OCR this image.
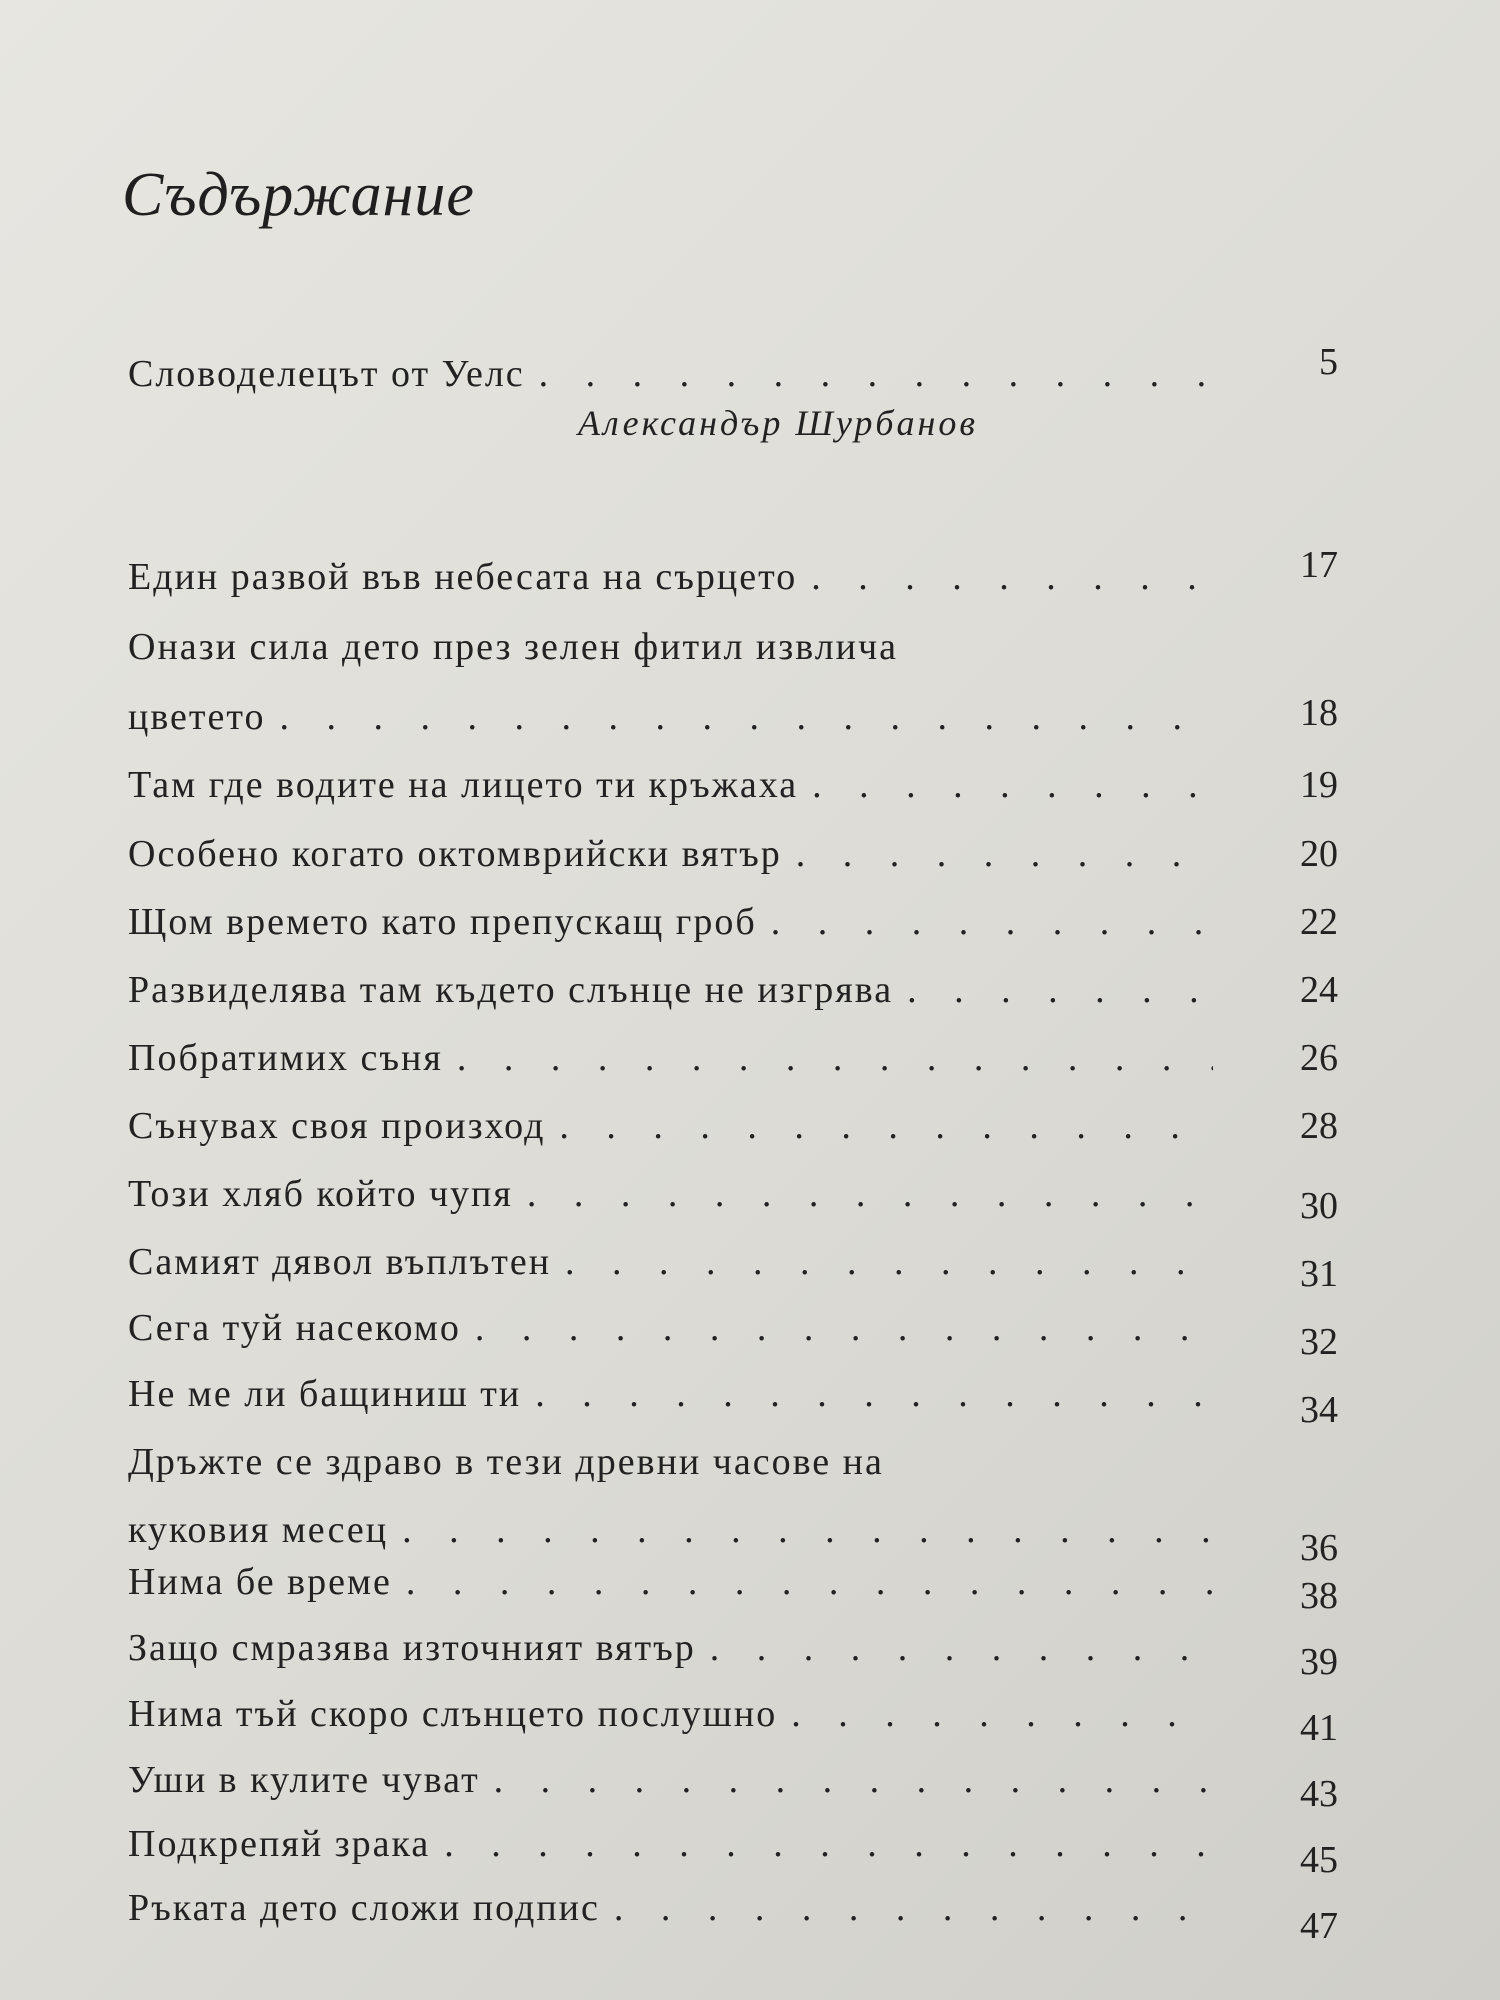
Съдържание
Словоделецът от Уелс . . .	5
Александър Шурбанов
Един развой във небесата на сърцето . . .	17
Онази сила дето през зелен фитил извлича
цветето . . .	18
Там где водите на лицето ти кръжаха . . .	19
Особено когато октомврийски вятър . . .	20
Щом времето като препускащ гроб . . .	22
Развиделява там където слънце не изгрява . . .	24
Побратимих съня . . .	26
Сънувах своя произход . . .	28
Този хляб който чупя . . .	30
Самият дявол въплътен . . .	31
Сега туй насекомо . . .	32
Не ме ли бащиниш ти . . .	34
Дръжте се здраво в тези древни часове на
куковия месец . . .	36
Нима бе време . . .	38
Защо смразява източният вятър . . .	39
Нима тъй скоро слънцето послушно . . .	41
Уши в кулите чуват . . .	43
Подкрепяй зрака . . .	45
Ръката дето сложи подпис . . .	47
